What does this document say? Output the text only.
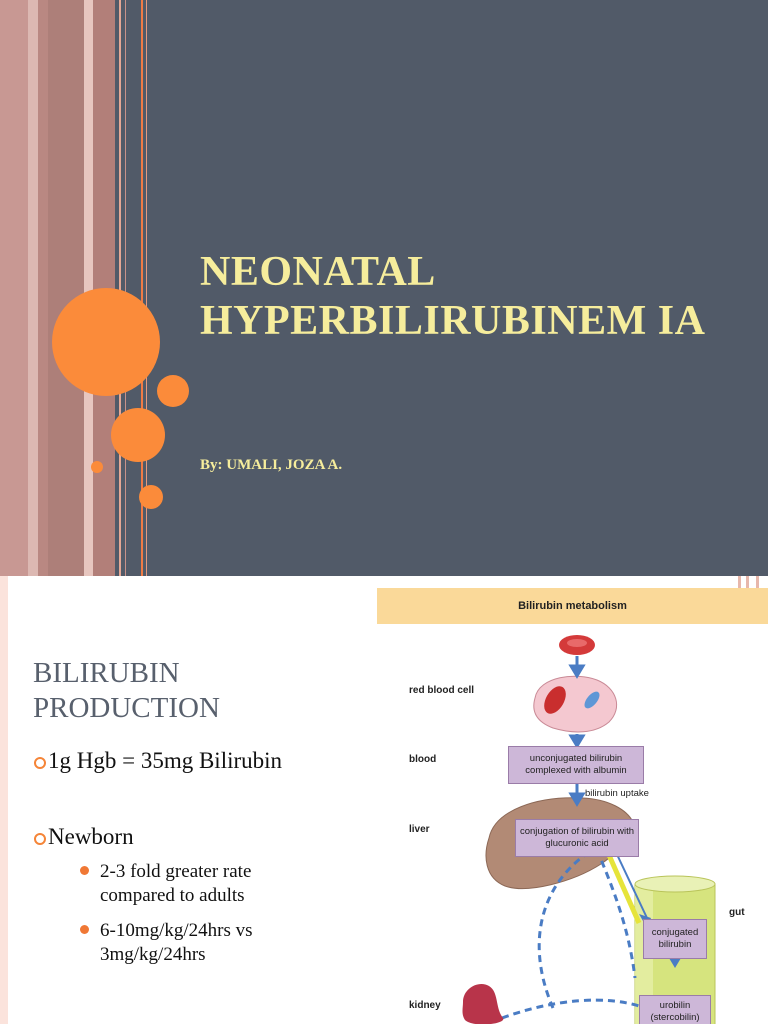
NEONATAL HYPERBILIRUBINEM IA
By: UMALI, JOZA A.
BILIRUBIN PRODUCTION
1g Hgb = 35mg Bilirubin
Newborn
2-3 fold greater rate compared to adults
6-10mg/kg/24hrs vs 3mg/kg/24hrs
Bilirubin metabolism
red blood cell
blood
liver
kidney
gut
unconjugated bilirubin complexed with albumin
bilirubin uptake
conjugation of bilirubin with glucuronic acid
conjugated bilirubin
urobilin (stercobilin)
